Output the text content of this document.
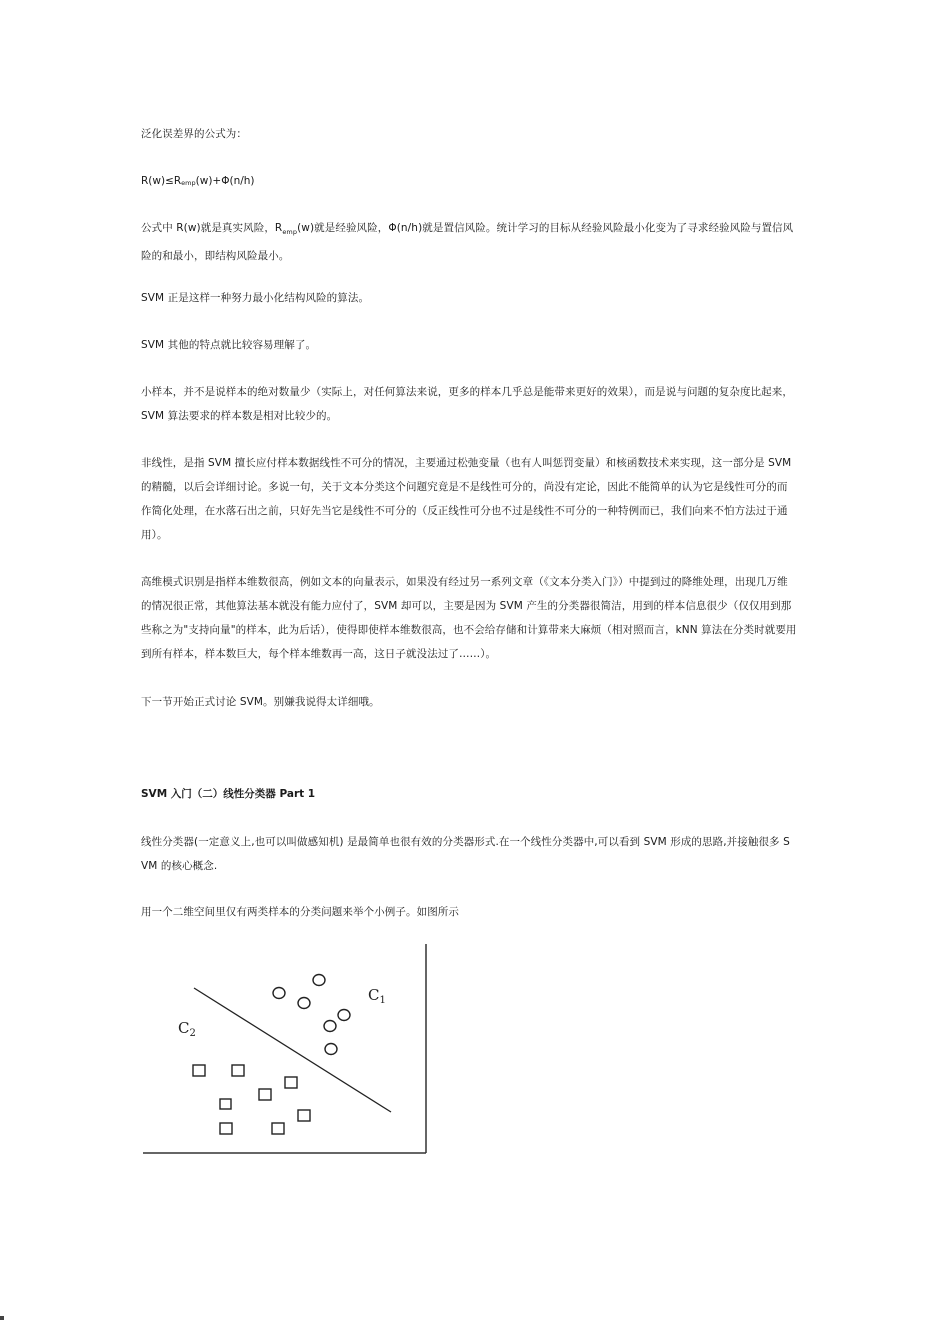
泛化误差界的公式为：

$R(w)\le R_{emp}(w)+\Phi(n/h)$

公式中 R(w)就是真实风险，$R_{emp}(w)$就是经验风险，Φ(n/h)就是置信风险。统计学习的目标从经验风险最小化变为了寻求经验风险与置信风险的和最小，即结构风险最小。

SVM 正是这样一种努力最小化结构风险的算法。

SVM 其他的特点就比较容易理解了。

小样本，并不是说样本的绝对数量少（实际上，对任何算法来说，更多的样本几乎总是能带来更好的效果），而是说与问题的复杂度比起来，SVM 算法要求的样本数是相对比较少的。

非线性，是指 SVM 擅长应付样本数据线性不可分的情况，主要通过松弛变量（也有人叫惩罚变量）和核函数技术来实现，这一部分是 SVM 的精髓，以后会详细讨论。多说一句，关于文本分类这个问题究竟是不是线性可分的，尚没有定论，因此不能简单的认为它是线性可分的而作简化处理，在水落石出之前，只好先当它是线性不可分的（反正线性可分也不过是线性不可分的一种特例而已，我们向来不怕方法过于通用）。

高维模式识别是指样本维数很高，例如文本的向量表示，如果没有经过另一系列文章（《文本分类入门》）中提到过的降维处理，出现几万维的情况很正常，其他算法基本就没有能力应付了，SVM 却可以，主要是因为 SVM 产生的分类器很简洁，用到的样本信息很少（仅仅用到那些称之为"支持向量"的样本，此为后话），使得即使样本维数很高，也不会给存储和计算带来大麻烦（相对照而言，kNN 算法在分类时就要用到所有样本，样本数巨大，每个样本维数再一高，这日子就没法过了……）。

下一节开始正式讨论 SVM。别嫌我说得太详细哦。

SVM 入门（二）线性分类器 Part 1

线性分类器(一定意义上,也可以叫做感知机) 是最简单也很有效的分类器形式.在一个线性分类器中,可以看到 SVM 形成的思路,并接触很多 SVM 的核心概念.

用一个二维空间里仅有两类样本的分类问题来举个小例子。如图所示

$C_1$
$C_2$
